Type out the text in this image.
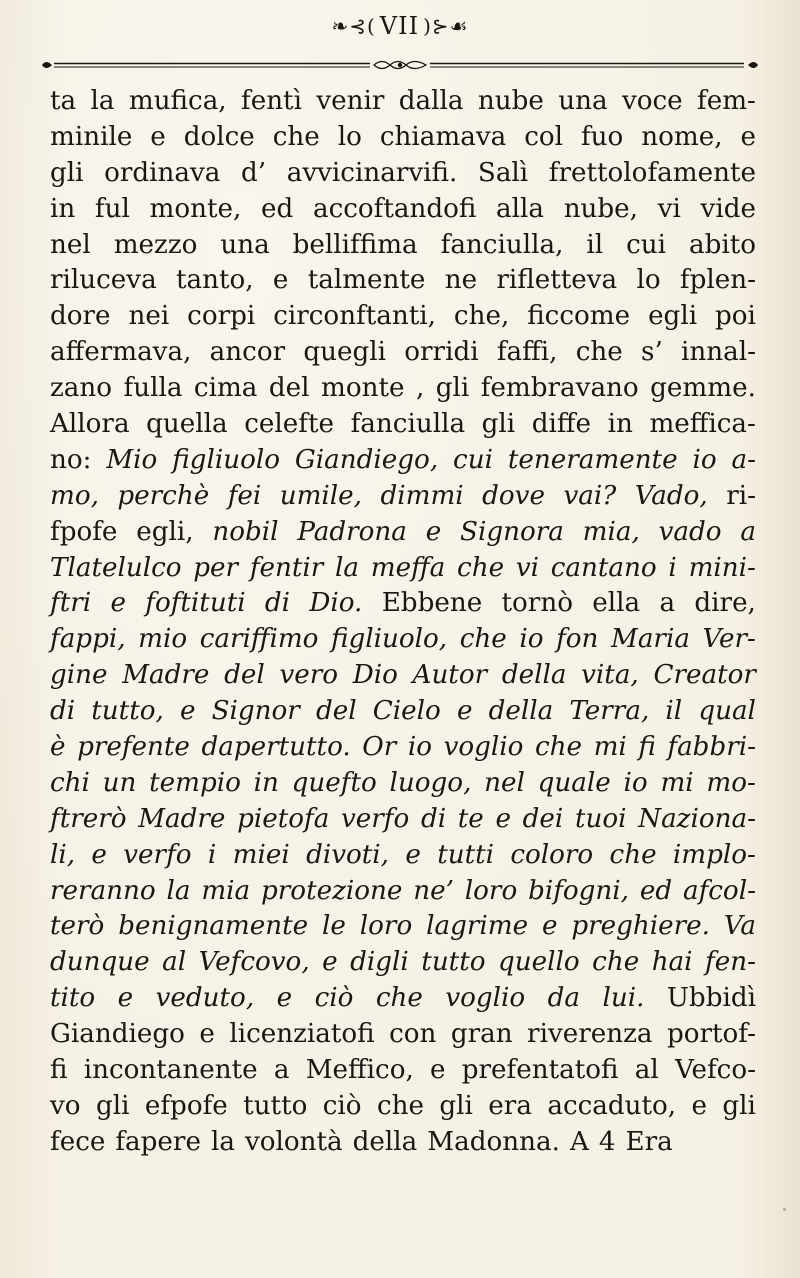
❧⊰( VII )⊱☙
ta la mufica, fentì venir dalla nube una voce fem-
minile e dolce che lo chiamava col fuo nome, e
gli ordinava d’ avvicinarvifi. Salì frettolofamente
in ful monte, ed accoftandofi alla nube, vi vide
nel mezzo una bellifﬁma fanciulla, il cui abito
riluceva tanto, e talmente ne rifletteva lo fplen-
dore nei corpi circonftanti, che, ficcome egli poi
affermava, ancor quegli orridi faffi, che s’ innal-
zano fulla cima del monte , gli fembravano gemme.
Allora quella celefte fanciulla gli diffe in meffica-
no: Mio figliuolo Giandiego, cui teneramente io a-
mo, perchè fei umile, dimmi dove vai? Vado, ri-
fpofe egli, nobil Padrona e Signora mia, vado a
Tlatelulco per fentir la meffa che vi cantano i mini-
ftri e foftituti di Dio. Ebbene tornò ella a dire,
fappi, mio cariffimo figliuolo, che io fon Maria Ver-
gine Madre del vero Dio Autor della vita, Creator
di tutto, e Signor del Cielo e della Terra, il qual
è prefente dapertutto. Or io voglio che mi fi fabbri-
chi un tempio in quefto luogo, nel quale io mi mo-
ftrerò Madre pietofa verfo di te e dei tuoi Nazionа-
li, e verfo i miei divoti, e tutti coloro che implo-
reranno la mia protezione ne’ loro bifogni, ed afcol-
terò benignamente le loro lagrime e preghiere. Va
dunque al Vefcovo, e digli tutto quello che hai fen-
tito e veduto, e ciò che voglio da lui. Ubbidì
Giandiego e licenziatofi con gran riverenza portof-
fi incontanente a Meffico, e prefentatofi al Vefco-
vo gli efpofe tutto ciò che gli era accaduto, e gli
fece fapere la volontà della Madonna. A 4 Era
